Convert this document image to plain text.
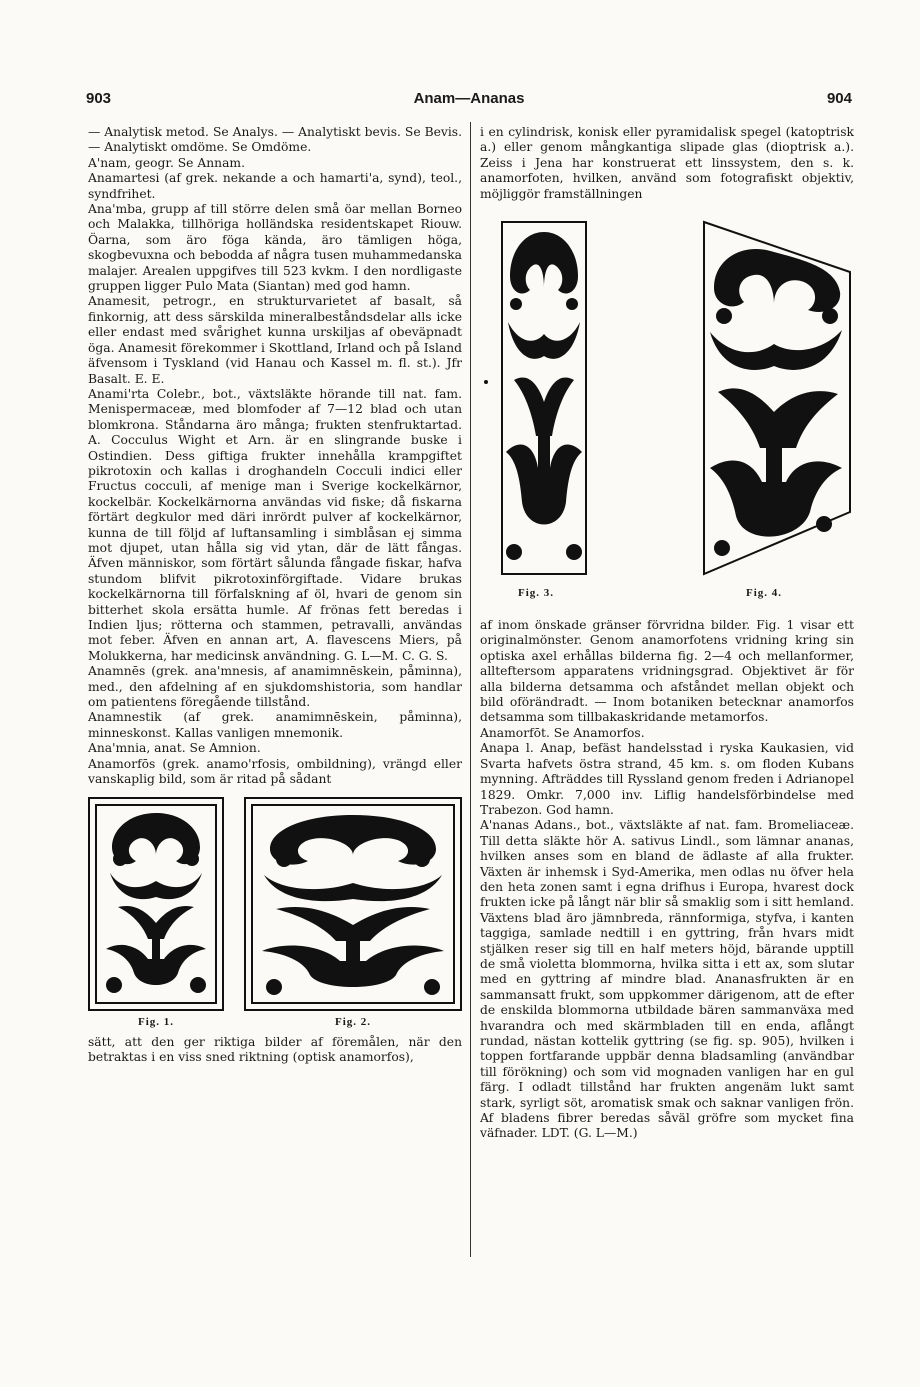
903	Anam—Ananas	904

— Analytisk metod. Se Analys. — Analytiskt bevis. Se Bevis. — Analytiskt omdöme. Se Omdöme.

A'nam, geogr. Se Annam.

Anamartesi (af grek. nekande a och hamarti'a, synd), teol., syndfrihet.

Ana'mba, grupp af till större delen små öar mellan Borneo och Malakka, tillhöriga holländska residentskapet Riouw. Öarna, som äro föga kända, äro tämligen höga, skogbevuxna och bebodda af några tusen muhammedanska malajer. Arealen uppgifves till 523 kvkm. I den nordligaste gruppen ligger Pulo Mata (Siantan) med god hamn.

Anamesit, petrogr., en strukturvarietet af basalt, så finkornig, att dess särskilda mineralbeståndsdelar alls icke eller endast med svårighet kunna urskiljas af obeväpnadt öga. Anamesit förekommer i Skottland, Irland och på Island äfvensom i Tyskland (vid Hanau och Kassel m. fl. st.). Jfr Basalt. E. E.

Anami'rta Colebr., bot., växtsläkte hörande till nat. fam. Menispermaceæ, med blomfoder af 7—12 blad och utan blomkrona. Ståndarna äro många; frukten stenfruktartad. A. Cocculus Wight et Arn. är en slingrande buske i Ostindien. Dess giftiga frukter innehålla krampgiftet pikrotoxin och kallas i droghandeln Cocculi indici eller Fructus cocculi, af menige man i Sverige kockelkärnor, kockelbär. Kockelkärnorna användas vid fiske; då fiskarna förtärt degkulor med däri inrördt pulver af kockelkärnor, kunna de till följd af luftansamling i simblåsan ej simma mot djupet, utan hålla sig vid ytan, där de lätt fångas. Äfven människor, som förtärt sålunda fångade fiskar, hafva stundom blifvit pikrotoxinförgiftade. Vidare brukas kockelkärnorna till förfalskning af öl, hvari de genom sin bitterhet skola ersätta humle. Af frönas fett beredas i Indien ljus; rötterna och stammen, petravalli, användas mot feber. Äfven en annan art, A. flavescens Miers, på Molukkerna, har medicinsk användning. G. L—M. C. G. S.

Anamnēs (grek. ana'mnesis, af anamimnēskein, påminna), med., den afdelning af en sjukdomshistoria, som handlar om patientens föregående tillstånd.

Anamnestik (af grek. anamimnēskein, påminna), minneskonst. Kallas vanligen mnemonik.

Ana'mnia, anat. Se Amnion.

Anamorfōs (grek. anamo'rfosis, ombildning), vrängd eller vanskaplig bild, som är ritad på sådant

Fig. 1.	Fig. 2.

sätt, att den ger riktiga bilder af föremålen, när den betraktas i en viss sned riktning (optisk anamorfos),

i en cylindrisk, konisk eller pyramidalisk spegel (katoptrisk a.) eller genom mångkantiga slipade glas (dioptrisk a.). Zeiss i Jena har konstruerat ett linssystem, den s. k. anamorfoten, hvilken, använd som fotografiskt objektiv, möjliggör framställningen

Fig. 3.	Fig. 4.

af inom önskade gränser förvridna bilder. Fig. 1 visar ett originalmönster. Genom anamorfotens vridning kring sin optiska axel erhållas bilderna fig. 2—4 och mellanformer, allteftersom apparatens vridningsgrad. Objektivet är för alla bilderna detsamma och afståndet mellan objekt och bild oförändradt. — Inom botaniken betecknar anamorfos detsamma som tillbakaskridande metamorfos.

Anamorfōt. Se Anamorfos.

Anapa l. Anap, befäst handelsstad i ryska Kaukasien, vid Svarta hafvets östra strand, 45 km. s. om floden Kubans mynning. Afträddes till Ryssland genom freden i Adrianopel 1829. Omkr. 7,000 inv. Liflig handelsförbindelse med Trabezon. God hamn.

A'nanas Adans., bot., växtsläkte af nat. fam. Bromeliaceæ. Till detta släkte hör A. sativus Lindl., som lämnar ananas, hvilken anses som en bland de ädlaste af alla frukter. Växten är inhemsk i Syd-Amerika, men odlas nu öfver hela den heta zonen samt i egna drifhus i Europa, hvarest dock frukten icke på långt när blir så smaklig som i sitt hemland. Växtens blad äro jämnbreda, rännformiga, styfva, i kanten taggiga, samlade nedtill i en gyttring, från hvars midt stjälken reser sig till en half meters höjd, bärande upptill de små violetta blommorna, hvilka sitta i ett ax, som slutar med en gyttring af mindre blad. Ananasfrukten är en sammansatt frukt, som uppkommer därigenom, att de efter de enskilda blommorna utbildade bären sammanväxa med hvarandra och med skärmbladen till en enda, aflångt rundad, nästan kottelik gyttring (se fig. sp. 905), hvilken i toppen fortfarande uppbär denna bladsamling (användbar till förökning) och som vid mognaden vanligen har en gul färg. I odladt tillstånd har frukten angenäm lukt samt stark, syrligt söt, aromatisk smak och saknar vanligen frön. Af bladens fibrer beredas såväl gröfre som mycket fina väfnader. LDT. (G. L—M.)
